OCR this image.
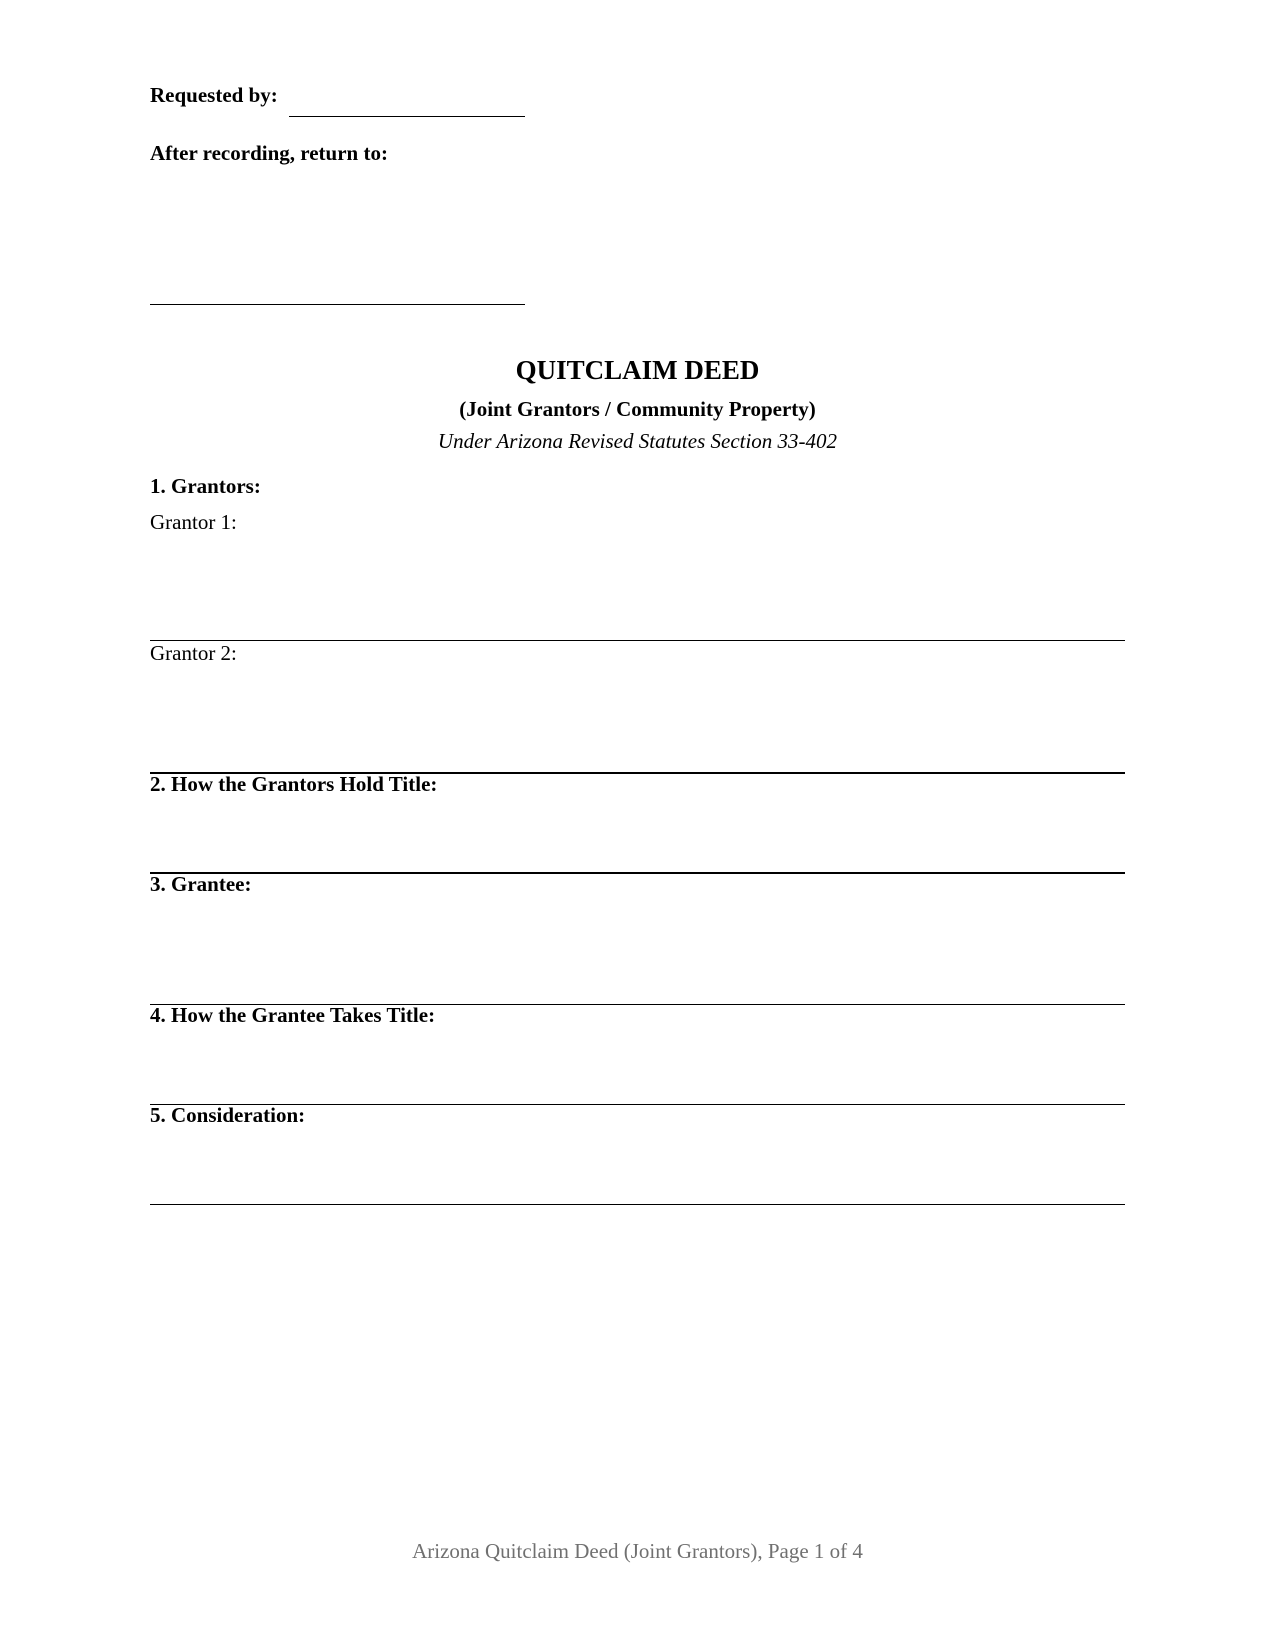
Requested by:
After recording, return to:
QUITCLAIM DEED
(Joint Grantors / Community Property)
Under Arizona Revised Statutes Section 33-402
1. Grantors:
Grantor 1:
Grantor 2:
2. How the Grantors Hold Title:
3. Grantee:
4. How the Grantee Takes Title:
5. Consideration:
Arizona Quitclaim Deed (Joint Grantors), Page 1 of 4
